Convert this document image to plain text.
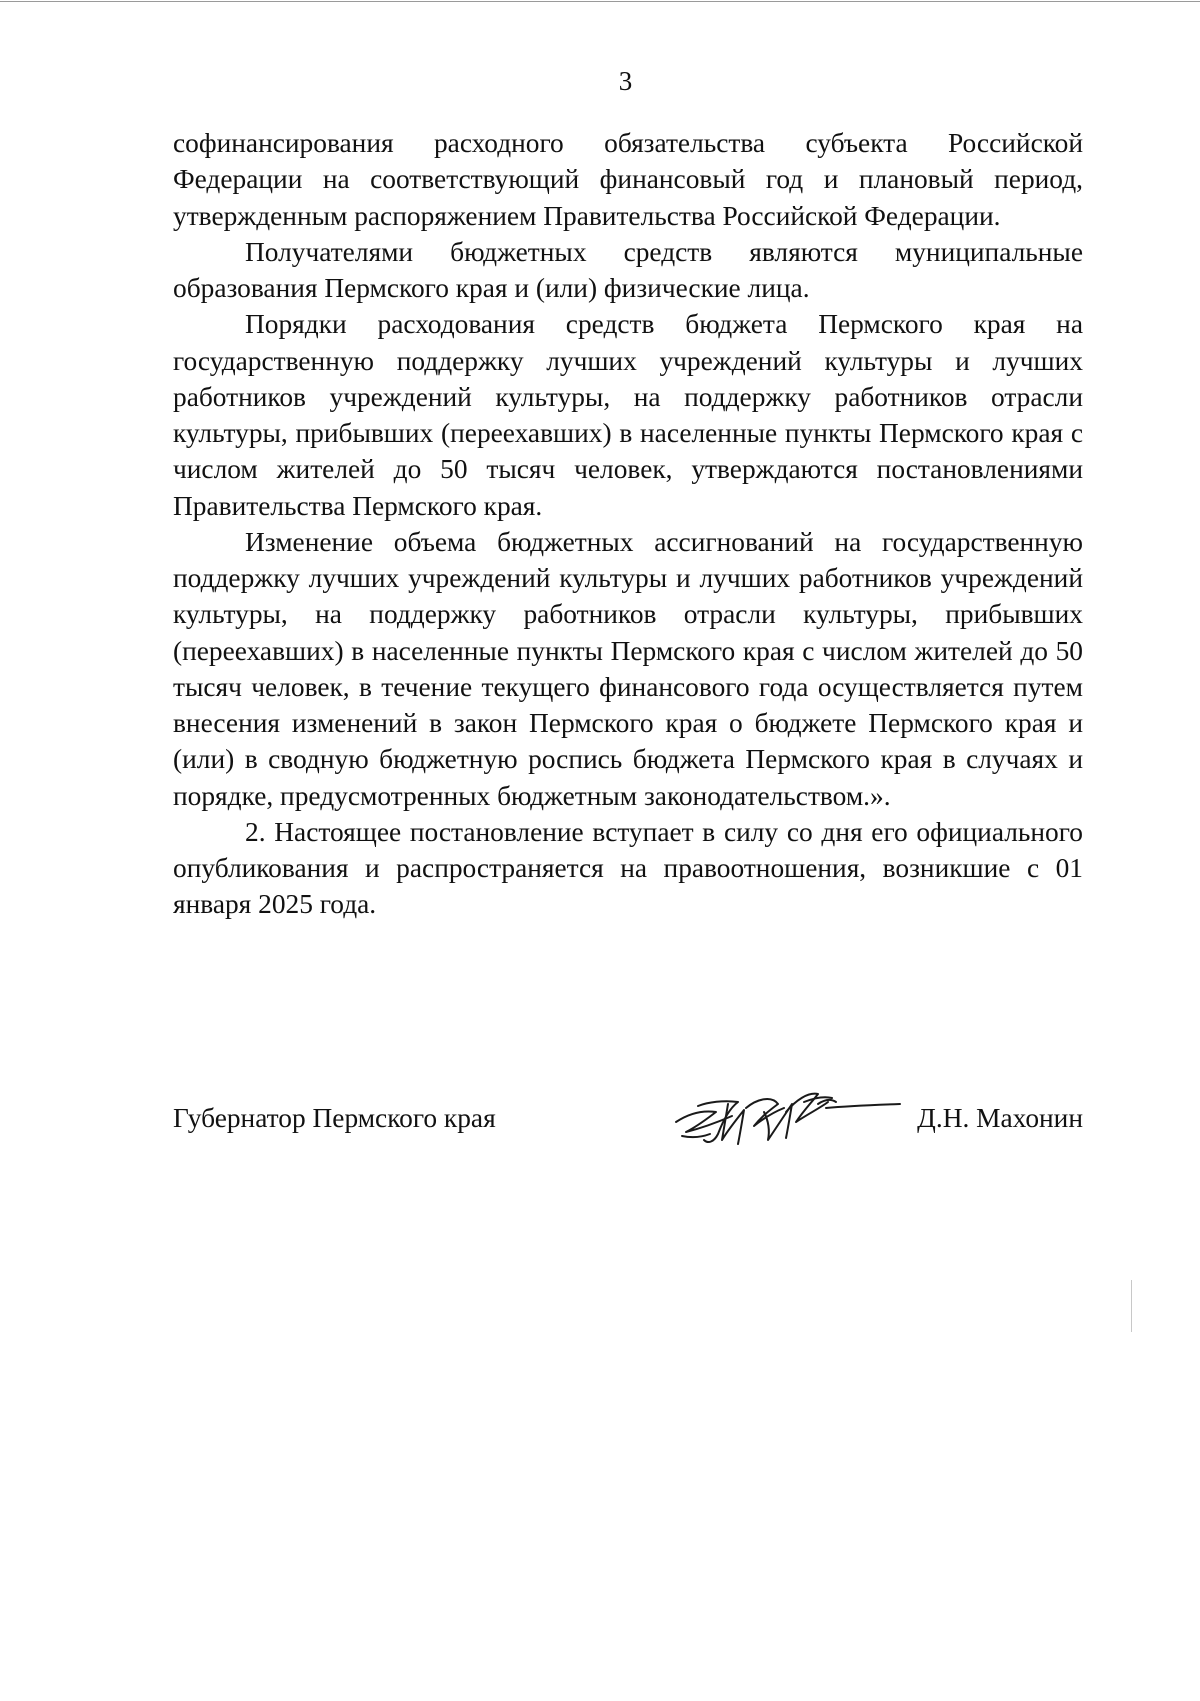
3

софинансирования расходного обязательства субъекта Российской Федерации на соответствующий финансовый год и плановый период, утвержденным распоряжением Правительства Российской Федерации.

Получателями бюджетных средств являются муниципальные образования Пермского края и (или) физические лица.

Порядки расходования средств бюджета Пермского края на государственную поддержку лучших учреждений культуры и лучших работников учреждений культуры, на поддержку работников отрасли культуры, прибывших (переехавших) в населенные пункты Пермского края с числом жителей до 50 тысяч человек, утверждаются постановлениями Правительства Пермского края.

Изменение объема бюджетных ассигнований на государственную поддержку лучших учреждений культуры и лучших работников учреждений культуры, на поддержку работников отрасли культуры, прибывших (переехавших) в населенные пункты Пермского края с числом жителей до 50 тысяч человек, в течение текущего финансового года осуществляется путем внесения изменений в закон Пермского края о бюджете Пермского края и (или) в сводную бюджетную роспись бюджета Пермского края в случаях и порядке, предусмотренных бюджетным законодательством.».

2. Настоящее постановление вступает в силу со дня его официального опубликования и распространяется на правоотношения, возникшие с 01 января 2025 года.

Губернатор Пермского края	Д.Н. Махонин
